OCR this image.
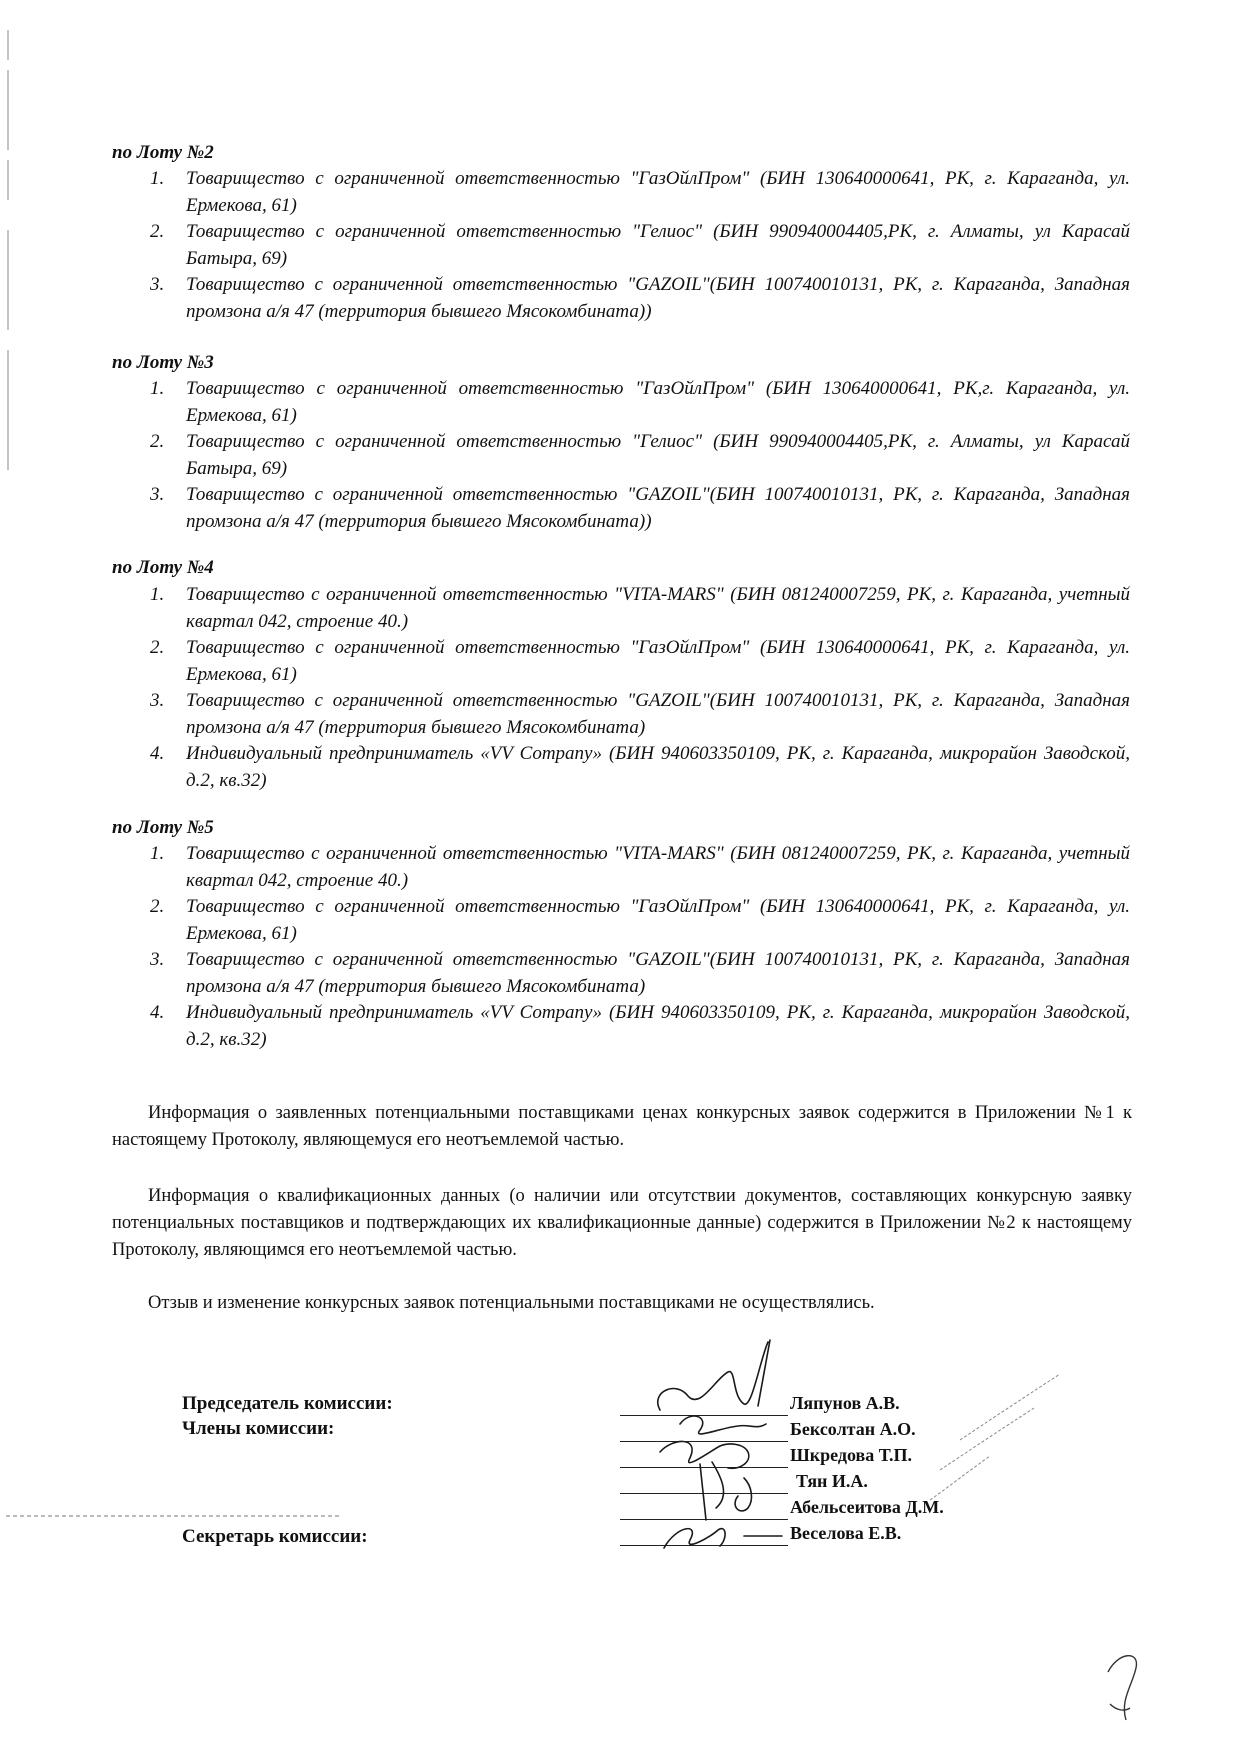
по Лоту №2
1. Товарищество с ограниченной ответственностью "ГазОйлПром" (БИН 130640000641, РК, г. Караганда, ул. Ермекова, 61)
2. Товарищество с ограниченной ответственностью "Гелиос" (БИН 990940004405,РК, г. Алматы, ул Карасай Батыра, 69)
3. Товарищество с ограниченной ответственностью "GAZOIL"(БИН 100740010131, РК, г. Караганда, Западная промзона а/я 47 (территория бывшего Мясокомбината))
по Лоту №3
1. Товарищество с ограниченной ответственностью "ГазОйлПром" (БИН 130640000641, РК,г. Караганда, ул. Ермекова, 61)
2. Товарищество с ограниченной ответственностью "Гелиос" (БИН 990940004405,РК, г. Алматы, ул Карасай Батыра, 69)
3. Товарищество с ограниченной ответственностью "GAZOIL"(БИН 100740010131, РК, г. Караганда, Западная промзона а/я 47 (территория бывшего Мясокомбината))
по Лоту №4
1. Товарищество с ограниченной ответственностью "VITA-MARS" (БИН 081240007259, РК, г. Караганда, учетный квартал 042, строение 40.)
2. Товарищество с ограниченной ответственностью "ГазОйлПром" (БИН 130640000641, РК, г. Караганда, ул. Ермекова, 61)
3. Товарищество с ограниченной ответственностью "GAZOIL"(БИН 100740010131, РК, г. Караганда, Западная промзона а/я 47 (территория бывшего Мясокомбината)
4. Индивидуальный предприниматель «VV Company» (БИН 940603350109, РК, г. Караганда, микрорайон Заводской, д.2, кв.32)
по Лоту №5
1. Товарищество с ограниченной ответственностью "VITA-MARS" (БИН 081240007259, РК, г. Караганда, учетный квартал 042, строение 40.)
2. Товарищество с ограниченной ответственностью "ГазОйлПром" (БИН 130640000641, РК, г. Караганда, ул. Ермекова, 61)
3. Товарищество с ограниченной ответственностью "GAZOIL"(БИН 100740010131, РК, г. Караганда, Западная промзона а/я 47 (территория бывшего Мясокомбината)
4. Индивидуальный предприниматель «VV Company» (БИН 940603350109, РК, г. Караганда, микрорайон Заводской, д.2, кв.32)
Информация о заявленных потенциальными поставщиками ценах конкурсных заявок содержится в Приложении №1 к настоящему Протоколу, являющемуся его неотъемлемой частью.
Информация о квалификационных данных (о наличии или отсутствии документов, составляющих конкурсную заявку потенциальных поставщиков и подтверждающих их квалификационные данные) содержится в Приложении №2 к настоящему Протоколу, являющимся его неотъемлемой частью.
Отзыв и изменение конкурсных заявок потенциальными поставщиками не осуществлялись.
Председатель комиссии:
Члены комиссии:
Секретарь комиссии:
Ляпунов А.В.
Бексолтан А.О.
Шкредова Т.П.
Тян И.А.
Абельсеитова Д.М.
Веселова Е.В.
